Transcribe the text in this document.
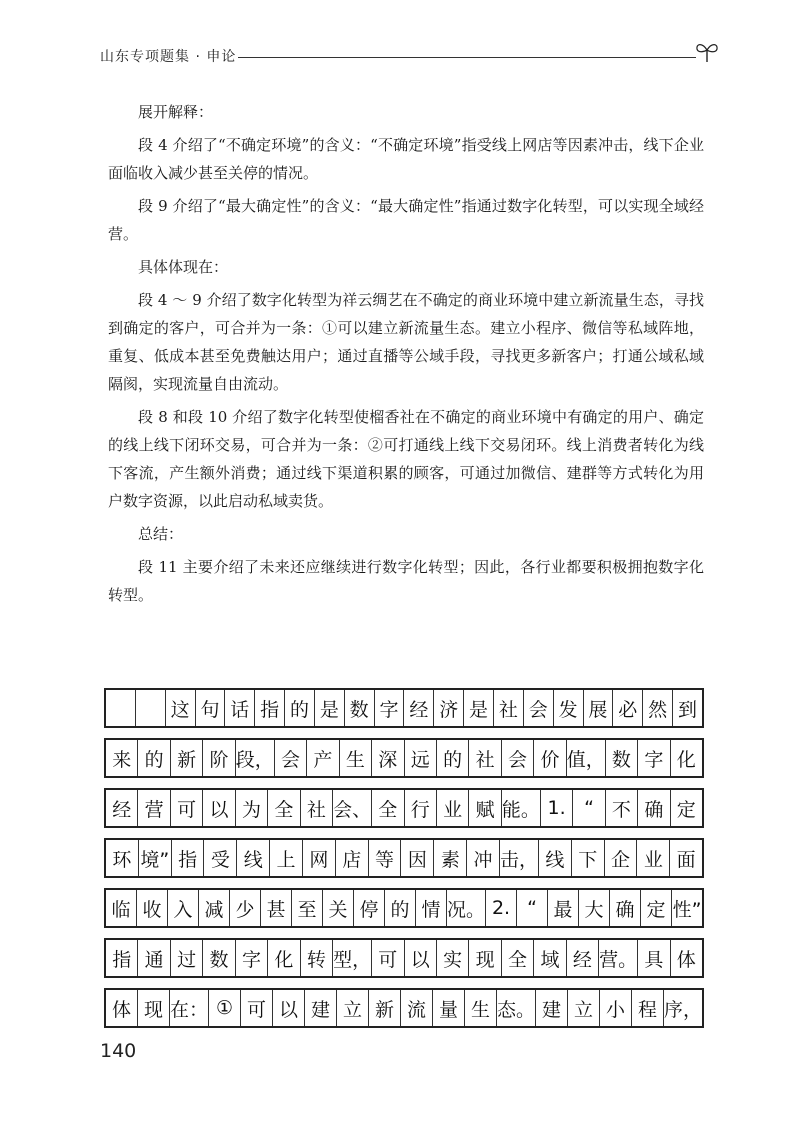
山东专项题集 · 申论

展开解释：

段 4 介绍了“不确定环境”的含义：“不确定环境”指受线上网店等因素冲击，线下企业面临收入减少甚至关停的情况。

段 9 介绍了“最大确定性”的含义：“最大确定性”指通过数字化转型，可以实现全域经营。

具体体现在：

段 4 ～ 9 介绍了数字化转型为祥云绸艺在不确定的商业环境中建立新流量生态，寻找到确定的客户，可合并为一条：①可以建立新流量生态。建立小程序、微信等私域阵地，重复、低成本甚至免费触达用户；通过直播等公域手段，寻找更多新客户；打通公域私域隔阂，实现流量自由流动。

段 8 和段 10 介绍了数字化转型使榴香社在不确定的商业环境中有确定的用户、确定的线上线下闭环交易，可合并为一条：②可打通线上线下交易闭环。线上消费者转化为线下客流，产生额外消费；通过线下渠道积累的顾客，可通过加微信、建群等方式转化为用户数字资源，以此启动私域卖货。

总结：

段 11 主要介绍了未来还应继续进行数字化转型；因此，各行业都要积极拥抱数字化转型。

这 句 话 指 的 是 数 字 经 济 是 社 会 发 展 必 然 到
来 的 新 阶 段， 会 产 生 深 远 的 社 会 价 值， 数 字 化
经 营 可 以 为 全 社 会、 全 行 业 赋 能。 1. “ 不 确 定
环 境” 指 受 线 上 网 店 等 因 素 冲 击， 线 下 企 业 面
临 收 入 减 少 甚 至 关 停 的 情 况。 2. “ 最 大 确 定 性”
指 通 过 数 字 化 转 型， 可 以 实 现 全 域 经 营。 具 体
体 现 在： ① 可 以 建 立 新 流 量 生 态。 建 立 小 程 序，
140
